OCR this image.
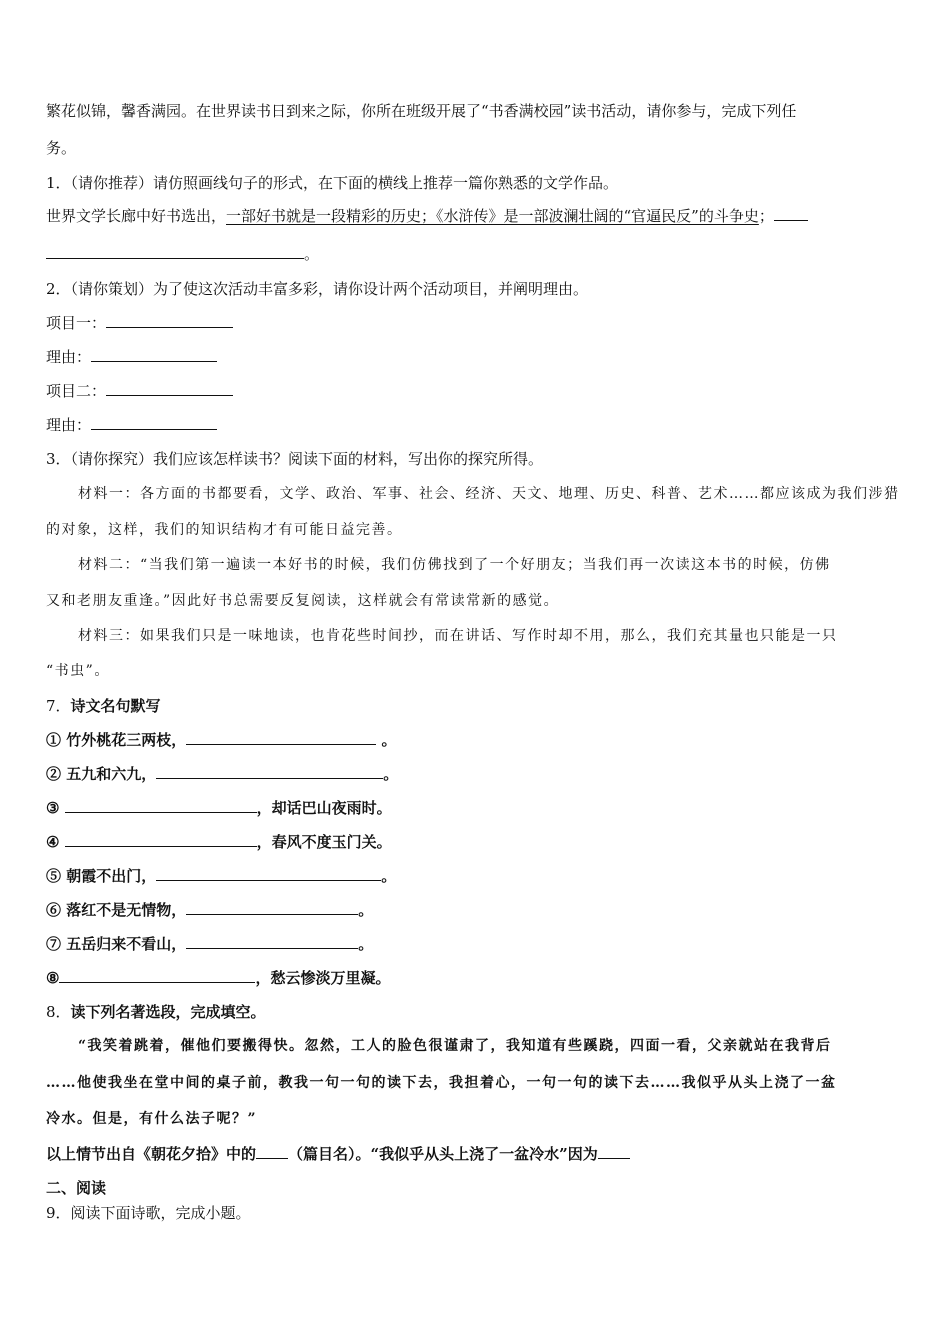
繁花似锦，馨香满园。在世界读书日到来之际，你所在班级开展了“书香满校园”读书活动，请你参与，完成下列任
务。
1．（请你推荐）请仿照画线句子的形式，在下面的横线上推荐一篇你熟悉的文学作品。
世界文学长廊中好书选出，一部好书就是一段精彩的历史；《水浒传》是一部波澜壮阔的“官逼民反”的斗争史；
。
2．（请你策划）为了使这次活动丰富多彩，请你设计两个活动项目，并阐明理由。
项目一：
理由：
项目二：
理由：
3．（请你探究）我们应该怎样读书？阅读下面的材料，写出你的探究所得。
材料一：各方面的书都要看，文学、政治、军事、社会、经济、天文、地理、历史、科普、艺术……都应该成为我们涉猎
的对象，这样，我们的知识结构才有可能日益完善。
材料二：“当我们第一遍读一本好书的时候，我们仿佛找到了一个好朋友；当我们再一次读这本书的时候，仿佛
又和老朋友重逢。”因此好书总需要反复阅读，这样就会有常读常新的感觉。
材料三：如果我们只是一味地读，也肯花些时间抄，而在讲话、写作时却不用，那么，我们充其量也只能是一只
“书虫”。
7．诗文名句默写
① 竹外桃花三两枝，	。
② 五九和六九，	。
③	，却话巴山夜雨时。
④	，春风不度玉门关。
⑤ 朝霞不出门，	。
⑥ 落红不是无情物，	。
⑦ 五岳归来不看山，	。
⑧	，愁云惨淡万里凝。
8．读下列名著选段，完成填空。
“我笑着跳着，催他们要搬得快。忽然，工人的脸色很谨肃了，我知道有些蹊跷，四面一看，父亲就站在我背后
……他使我坐在堂中间的桌子前，教我一句一句的读下去，我担着心，一句一句的读下去……我似乎从头上浇了一盆
冷水。但是，有什么法子呢？”
以上情节出自《朝花夕拾》中的 （篇目名）。“我似乎从头上浇了一盆冷水”因为
二、阅读
9．阅读下面诗歌，完成小题。
